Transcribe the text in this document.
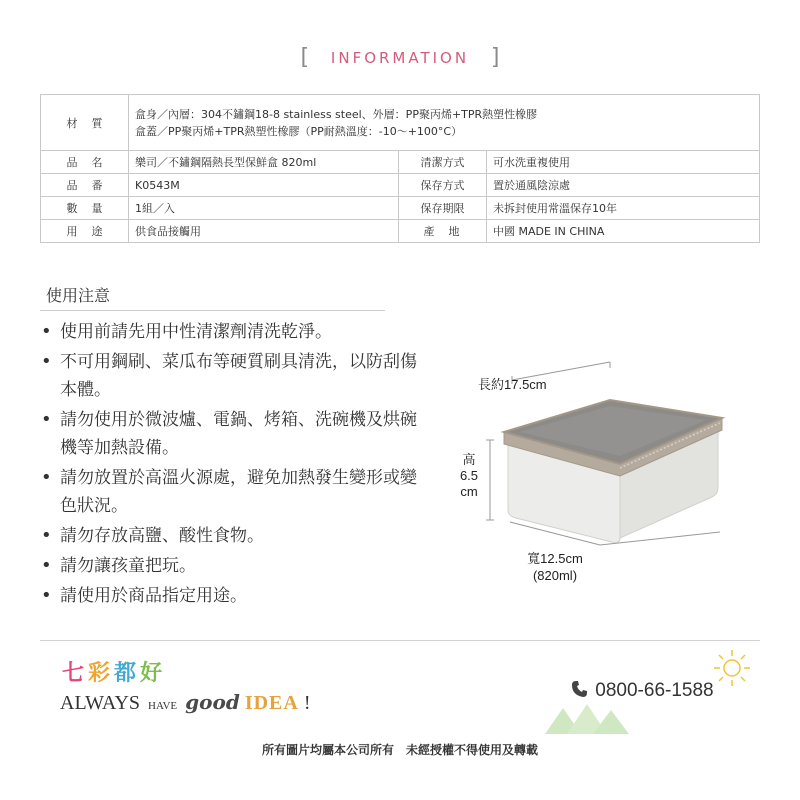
[ INFORMATION ]
材質	盒身／內層：304不鏽鋼18-8 stainless steel、外層：PP聚丙烯+TPR熱塑性橡膠
盒蓋／PP聚丙烯+TPR熱塑性橡膠（PP耐熱溫度：-10～+100°C）		

品名	樂司／不鏽鋼隔熱長型保鮮盒 820ml	清潔方式	可水洗重複使用
品番	K0543M	保存方式	置於通風陰涼處
數量	1組／入	保存期限	未拆封使用常溫保存10年
用途	供食品接觸用	產地	中國 MADE IN CHINA
使用注意
• 使用前請先用中性清潔劑清洗乾淨。
• 不可用鋼刷、菜瓜布等硬質刷具清洗，以防刮傷本體。
• 請勿使用於微波爐、電鍋、烤箱、洗碗機及烘碗機等加熱設備。
• 請勿放置於高溫火源處，避免加熱發生變形或變色狀況。
• 請勿存放高鹽、酸性食物。
• 請勿讓孩童把玩。
• 請使用於商品指定用途。
長約17.5cm
高
6.5
cm
寬12.5cm
(820ml)
七彩都好
ALWAYS HAVE good IDEA !
0800-66-1588
所有圖片均屬本公司所有　未經授權不得使用及轉載
